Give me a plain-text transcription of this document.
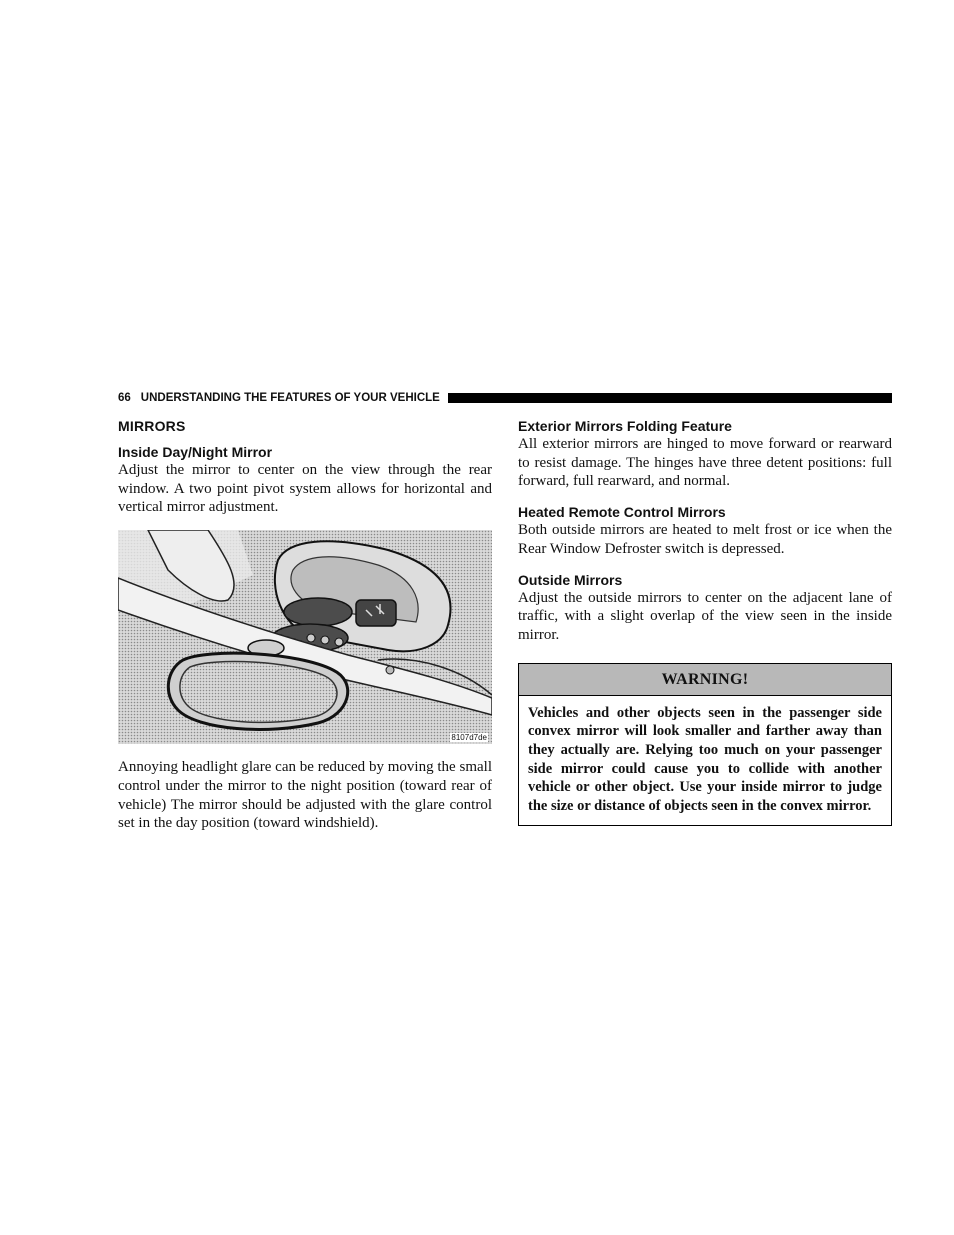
66 UNDERSTANDING THE FEATURES OF YOUR VEHICLE
MIRRORS
Inside Day/Night Mirror

Adjust the mirror to center on the view through the rear window. A two point pivot system allows for horizontal and vertical mirror adjustment.

8107d7de

Annoying headlight glare can be reduced by moving the small control under the mirror to the night position (toward rear of vehicle) The mirror should be adjusted with the glare control set in the day position (toward windshield).

Exterior Mirrors Folding Feature

All exterior mirrors are hinged to move forward or rearward to resist damage. The hinges have three detent positions: full forward, full rearward, and normal.

Heated Remote Control Mirrors

Both outside mirrors are heated to melt frost or ice when the Rear Window Defroster switch is depressed.

Outside Mirrors

Adjust the outside mirrors to center on the adjacent lane of traffic, with a slight overlap of the view seen in the inside mirror.

WARNING!
Vehicles and other objects seen in the passenger side convex mirror will look smaller and farther away than they actually are. Relying too much on your passenger side mirror could cause you to collide with another vehicle or other object. Use your inside mirror to judge the size or distance of objects seen in the convex mirror.
